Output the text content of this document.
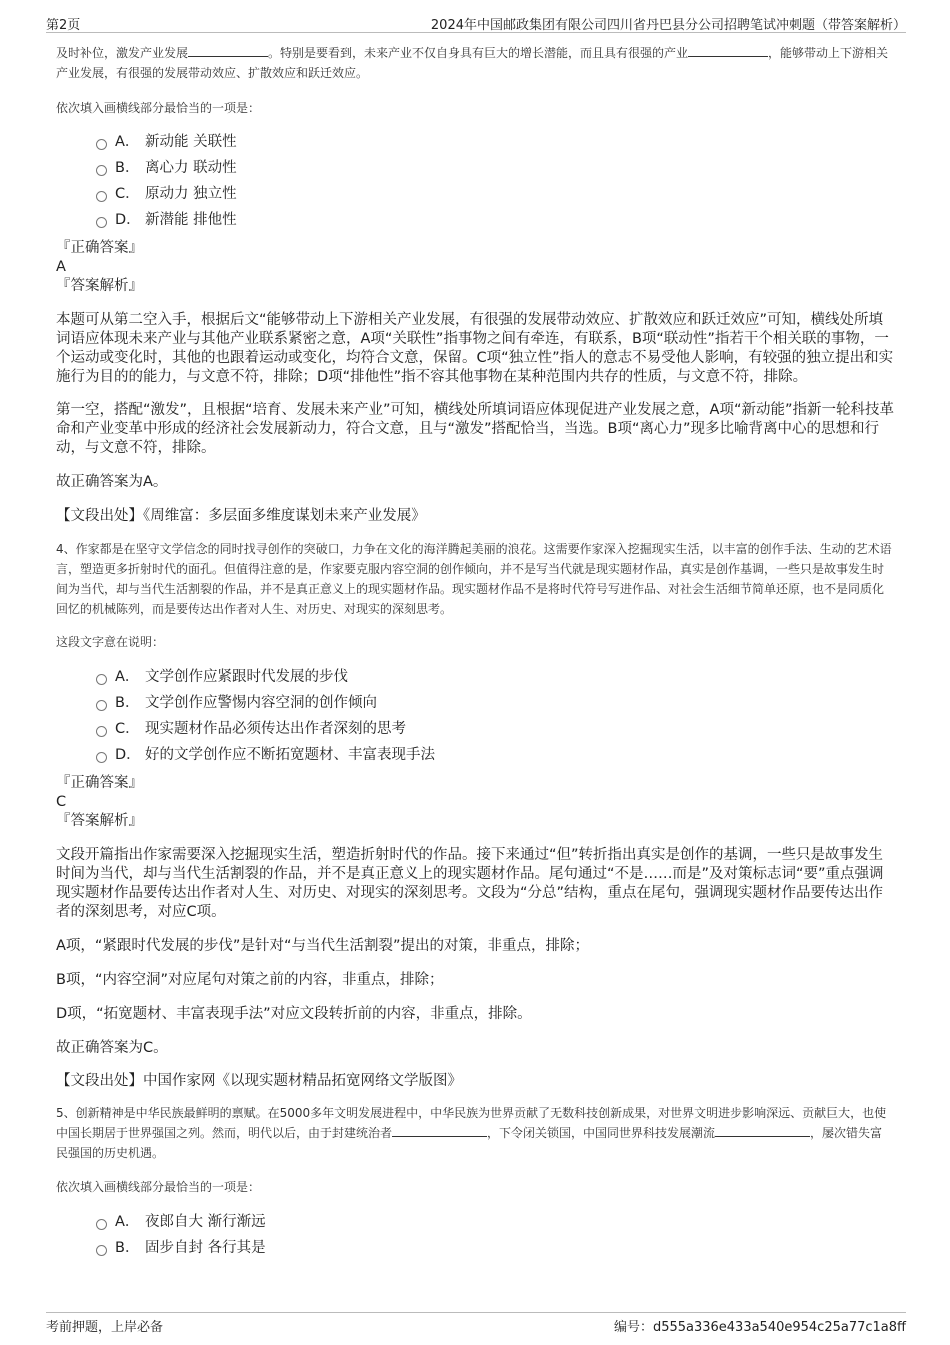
第2页	2024年中国邮政集团有限公司四川省丹巴县分公司招聘笔试冲刺题（带答案解析）

及时补位，激发产业发展	。特别是要看到，未来产业不仅自身具有巨大的增长潜能，而且具有很强的产业	，能够带动上下游相关产业发展，有很强的发展带动效应、扩散效应和跃迁效应。

依次填入画横线部分最恰当的一项是：

A． 新动能 关联性
B． 离心力 联动性
C． 原动力 独立性
D． 新潜能 排他性

『正确答案』

A

『答案解析』

本题可从第二空入手，根据后文“能够带动上下游相关产业发展，有很强的发展带动效应、扩散效应和跃迁效应”可知，横线处所填词语应体现未来产业与其他产业联系紧密之意，A项“关联性”指事物之间有牵连，有联系，B项“联动性”指若干个相关联的事物，一个运动或变化时，其他的也跟着运动或变化，均符合文意，保留。C项“独立性”指人的意志不易受他人影响，有较强的独立提出和实施行为目的的能力，与文意不符，排除；D项“排他性”指不容其他事物在某种范围内共存的性质，与文意不符，排除。

第一空，搭配“激发”，且根据“培育、发展未来产业”可知，横线处所填词语应体现促进产业发展之意，A项“新动能”指新一轮科技革命和产业变革中形成的经济社会发展新动力，符合文意，且与“激发”搭配恰当，当选。B项“离心力”现多比喻背离中心的思想和行动，与文意不符，排除。

故正确答案为A。

【文段出处】《周维富：多层面多维度谋划未来产业发展》

4、作家都是在坚守文学信念的同时找寻创作的突破口，力争在文化的海洋腾起美丽的浪花。这需要作家深入挖掘现实生活，以丰富的创作手法、生动的艺术语言，塑造更多折射时代的面孔。但值得注意的是，作家要克服内容空洞的创作倾向，并不是写当代就是现实题材作品，真实是创作基调，一些只是故事发生时间为当代，却与当代生活割裂的作品，并不是真正意义上的现实题材作品。现实题材作品不是将时代符号写进作品、对社会生活细节简单还原，也不是同质化回忆的机械陈列，而是要传达出作者对人生、对历史、对现实的深刻思考。

这段文字意在说明：

A． 文学创作应紧跟时代发展的步伐
B． 文学创作应警惕内容空洞的创作倾向
C． 现实题材作品必须传达出作者深刻的思考
D． 好的文学创作应不断拓宽题材、丰富表现手法

『正确答案』

C

『答案解析』

文段开篇指出作家需要深入挖掘现实生活，塑造折射时代的作品。接下来通过“但”转折指出真实是创作的基调，一些只是故事发生时间为当代，却与当代生活割裂的作品，并不是真正意义上的现实题材作品。尾句通过“不是……而是”及对策标志词“要”重点强调现实题材作品要传达出作者对人生、对历史、对现实的深刻思考。文段为“分总”结构，重点在尾句，强调现实题材作品要传达出作者的深刻思考，对应C项。

A项，“紧跟时代发展的步伐”是针对“与当代生活割裂”提出的对策，非重点，排除；

B项，“内容空洞”对应尾句对策之前的内容，非重点，排除；

D项，“拓宽题材、丰富表现手法”对应文段转折前的内容，非重点，排除。

故正确答案为C。

【文段出处】中国作家网《以现实题材精品拓宽网络文学版图》

5、创新精神是中华民族最鲜明的禀赋。在5000多年文明发展进程中，中华民族为世界贡献了无数科技创新成果，对世界文明进步影响深远、贡献巨大，也使中国长期居于世界强国之列。然而，明代以后，由于封建统治者	，下令闭关锁国，中国同世界科技发展潮流	，屡次错失富民强国的历史机遇。

依次填入画横线部分最恰当的一项是：

A． 夜郎自大 渐行渐远
B． 固步自封 各行其是
考前押题，上岸必备	编号：d555a336e433a540e954c25a77c1a8ff
